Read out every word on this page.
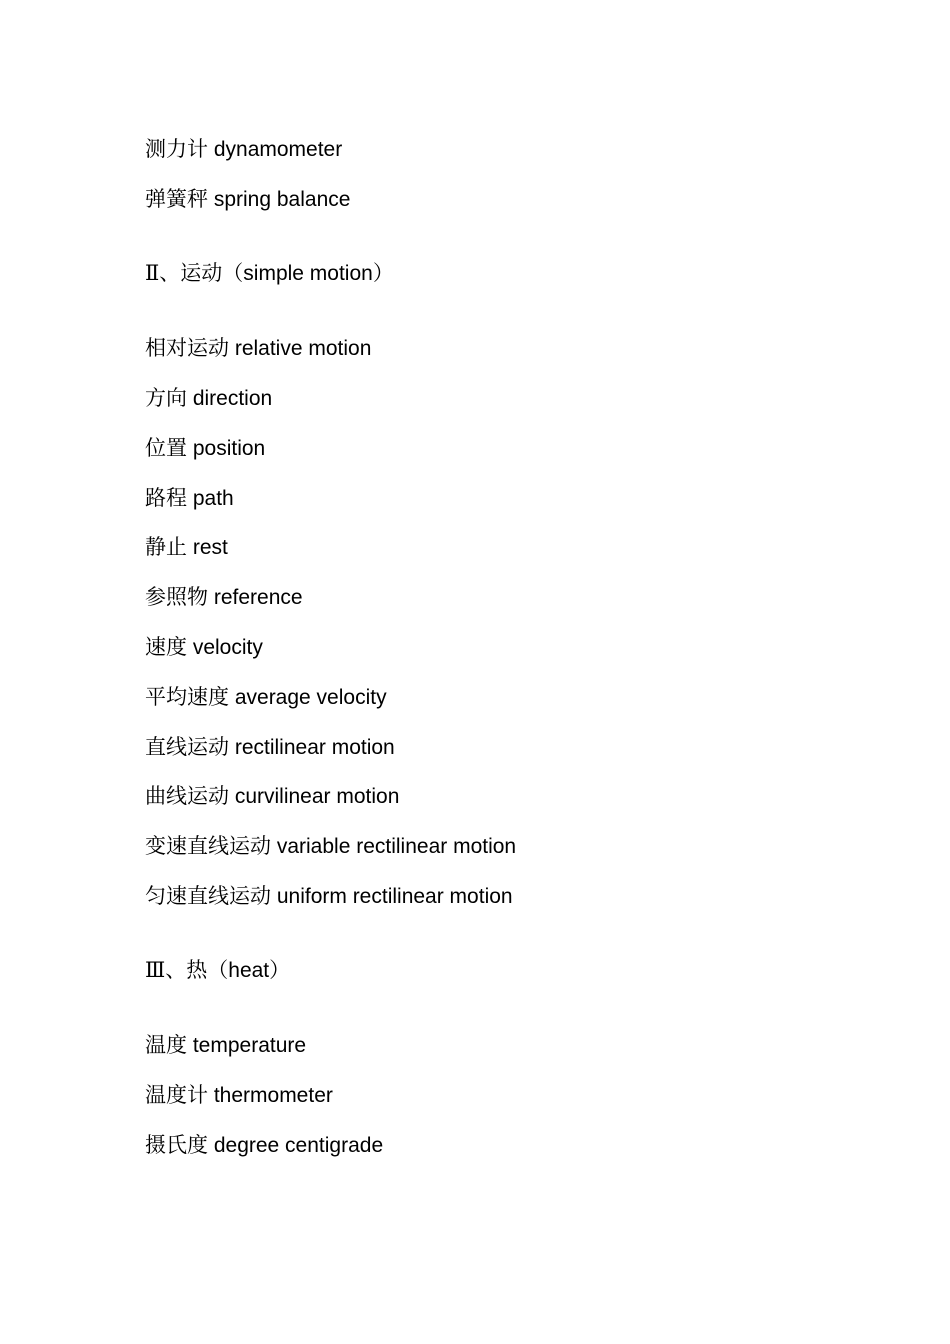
测力计 dynamometer
弹簧秤 spring balance
Ⅱ、运动（simple motion）
相对运动 relative motion
方向 direction
位置 position
路程 path
静止 rest
参照物 reference
速度 velocity
平均速度 average velocity
直线运动 rectilinear motion
曲线运动 curvilinear motion
变速直线运动 variable rectilinear motion
匀速直线运动 uniform rectilinear motion
Ⅲ、热（heat）
温度 temperature
温度计 thermometer
摄氏度 degree centigrade
